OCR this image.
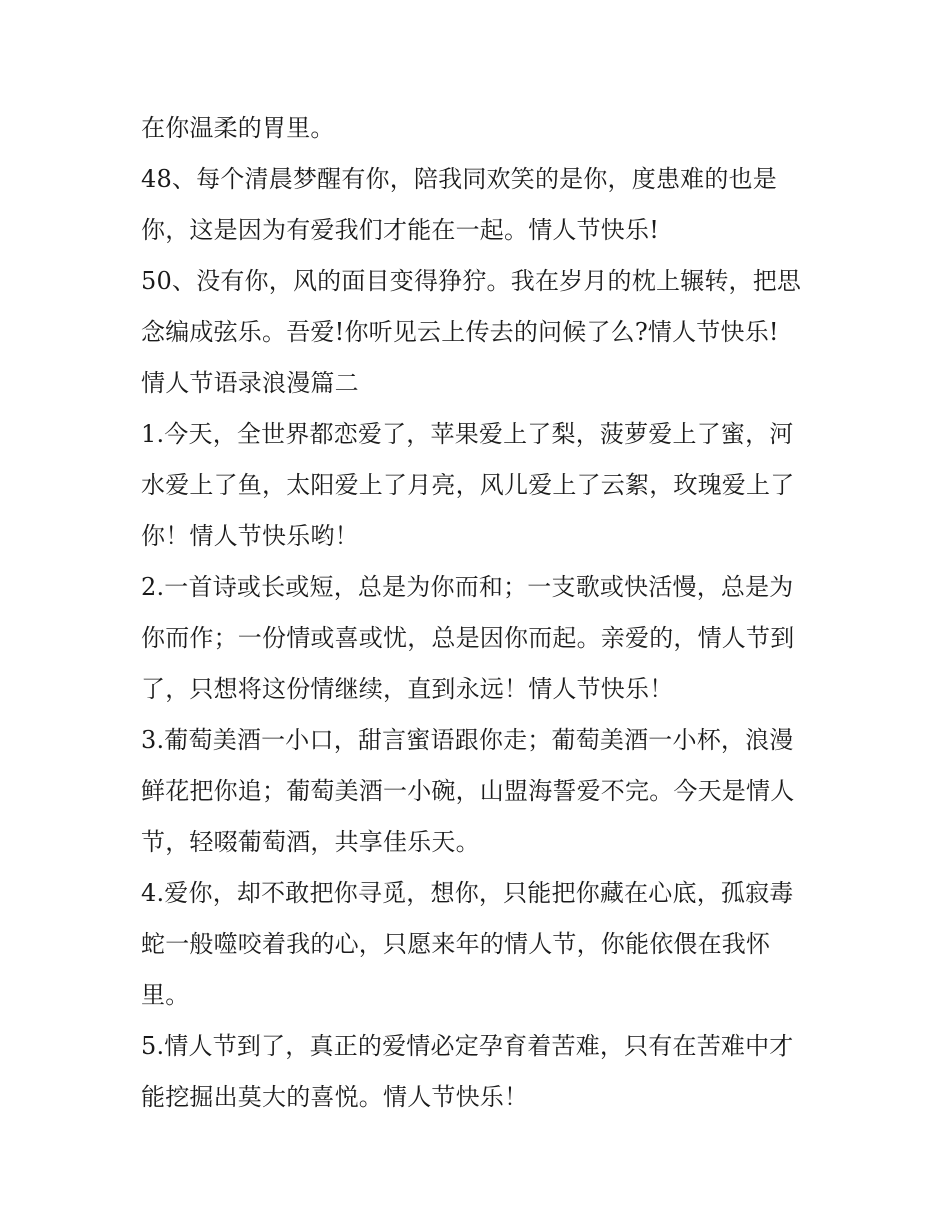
在你温柔的胃里。

48、每个清晨梦醒有你，陪我同欢笑的是你，度患难的也是

你，这是因为有爱我们才能在一起。情人节快乐!

50、没有你，风的面目变得狰狞。我在岁月的枕上辗转，把思

念编成弦乐。吾爱!你听见云上传去的问候了么?情人节快乐!

情人节语录浪漫篇二

1.今天，全世界都恋爱了，苹果爱上了梨，菠萝爱上了蜜，河

水爱上了鱼，太阳爱上了月亮，风儿爱上了云絮，玫瑰爱上了

你！情人节快乐哟！

2.一首诗或长或短，总是为你而和；一支歌或快活慢，总是为

你而作；一份情或喜或忧，总是因你而起。亲爱的，情人节到

了，只想将这份情继续，直到永远！情人节快乐！

3.葡萄美酒一小口，甜言蜜语跟你走；葡萄美酒一小杯，浪漫

鲜花把你追；葡萄美酒一小碗，山盟海誓爱不完。今天是情人

节，轻啜葡萄酒，共享佳乐天。

4.爱你，却不敢把你寻觅，想你，只能把你藏在心底，孤寂毒

蛇一般噬咬着我的心，只愿来年的情人节，你能依偎在我怀

里。

5.情人节到了，真正的爱情必定孕育着苦难，只有在苦难中才

能挖掘出莫大的喜悦。情人节快乐！
